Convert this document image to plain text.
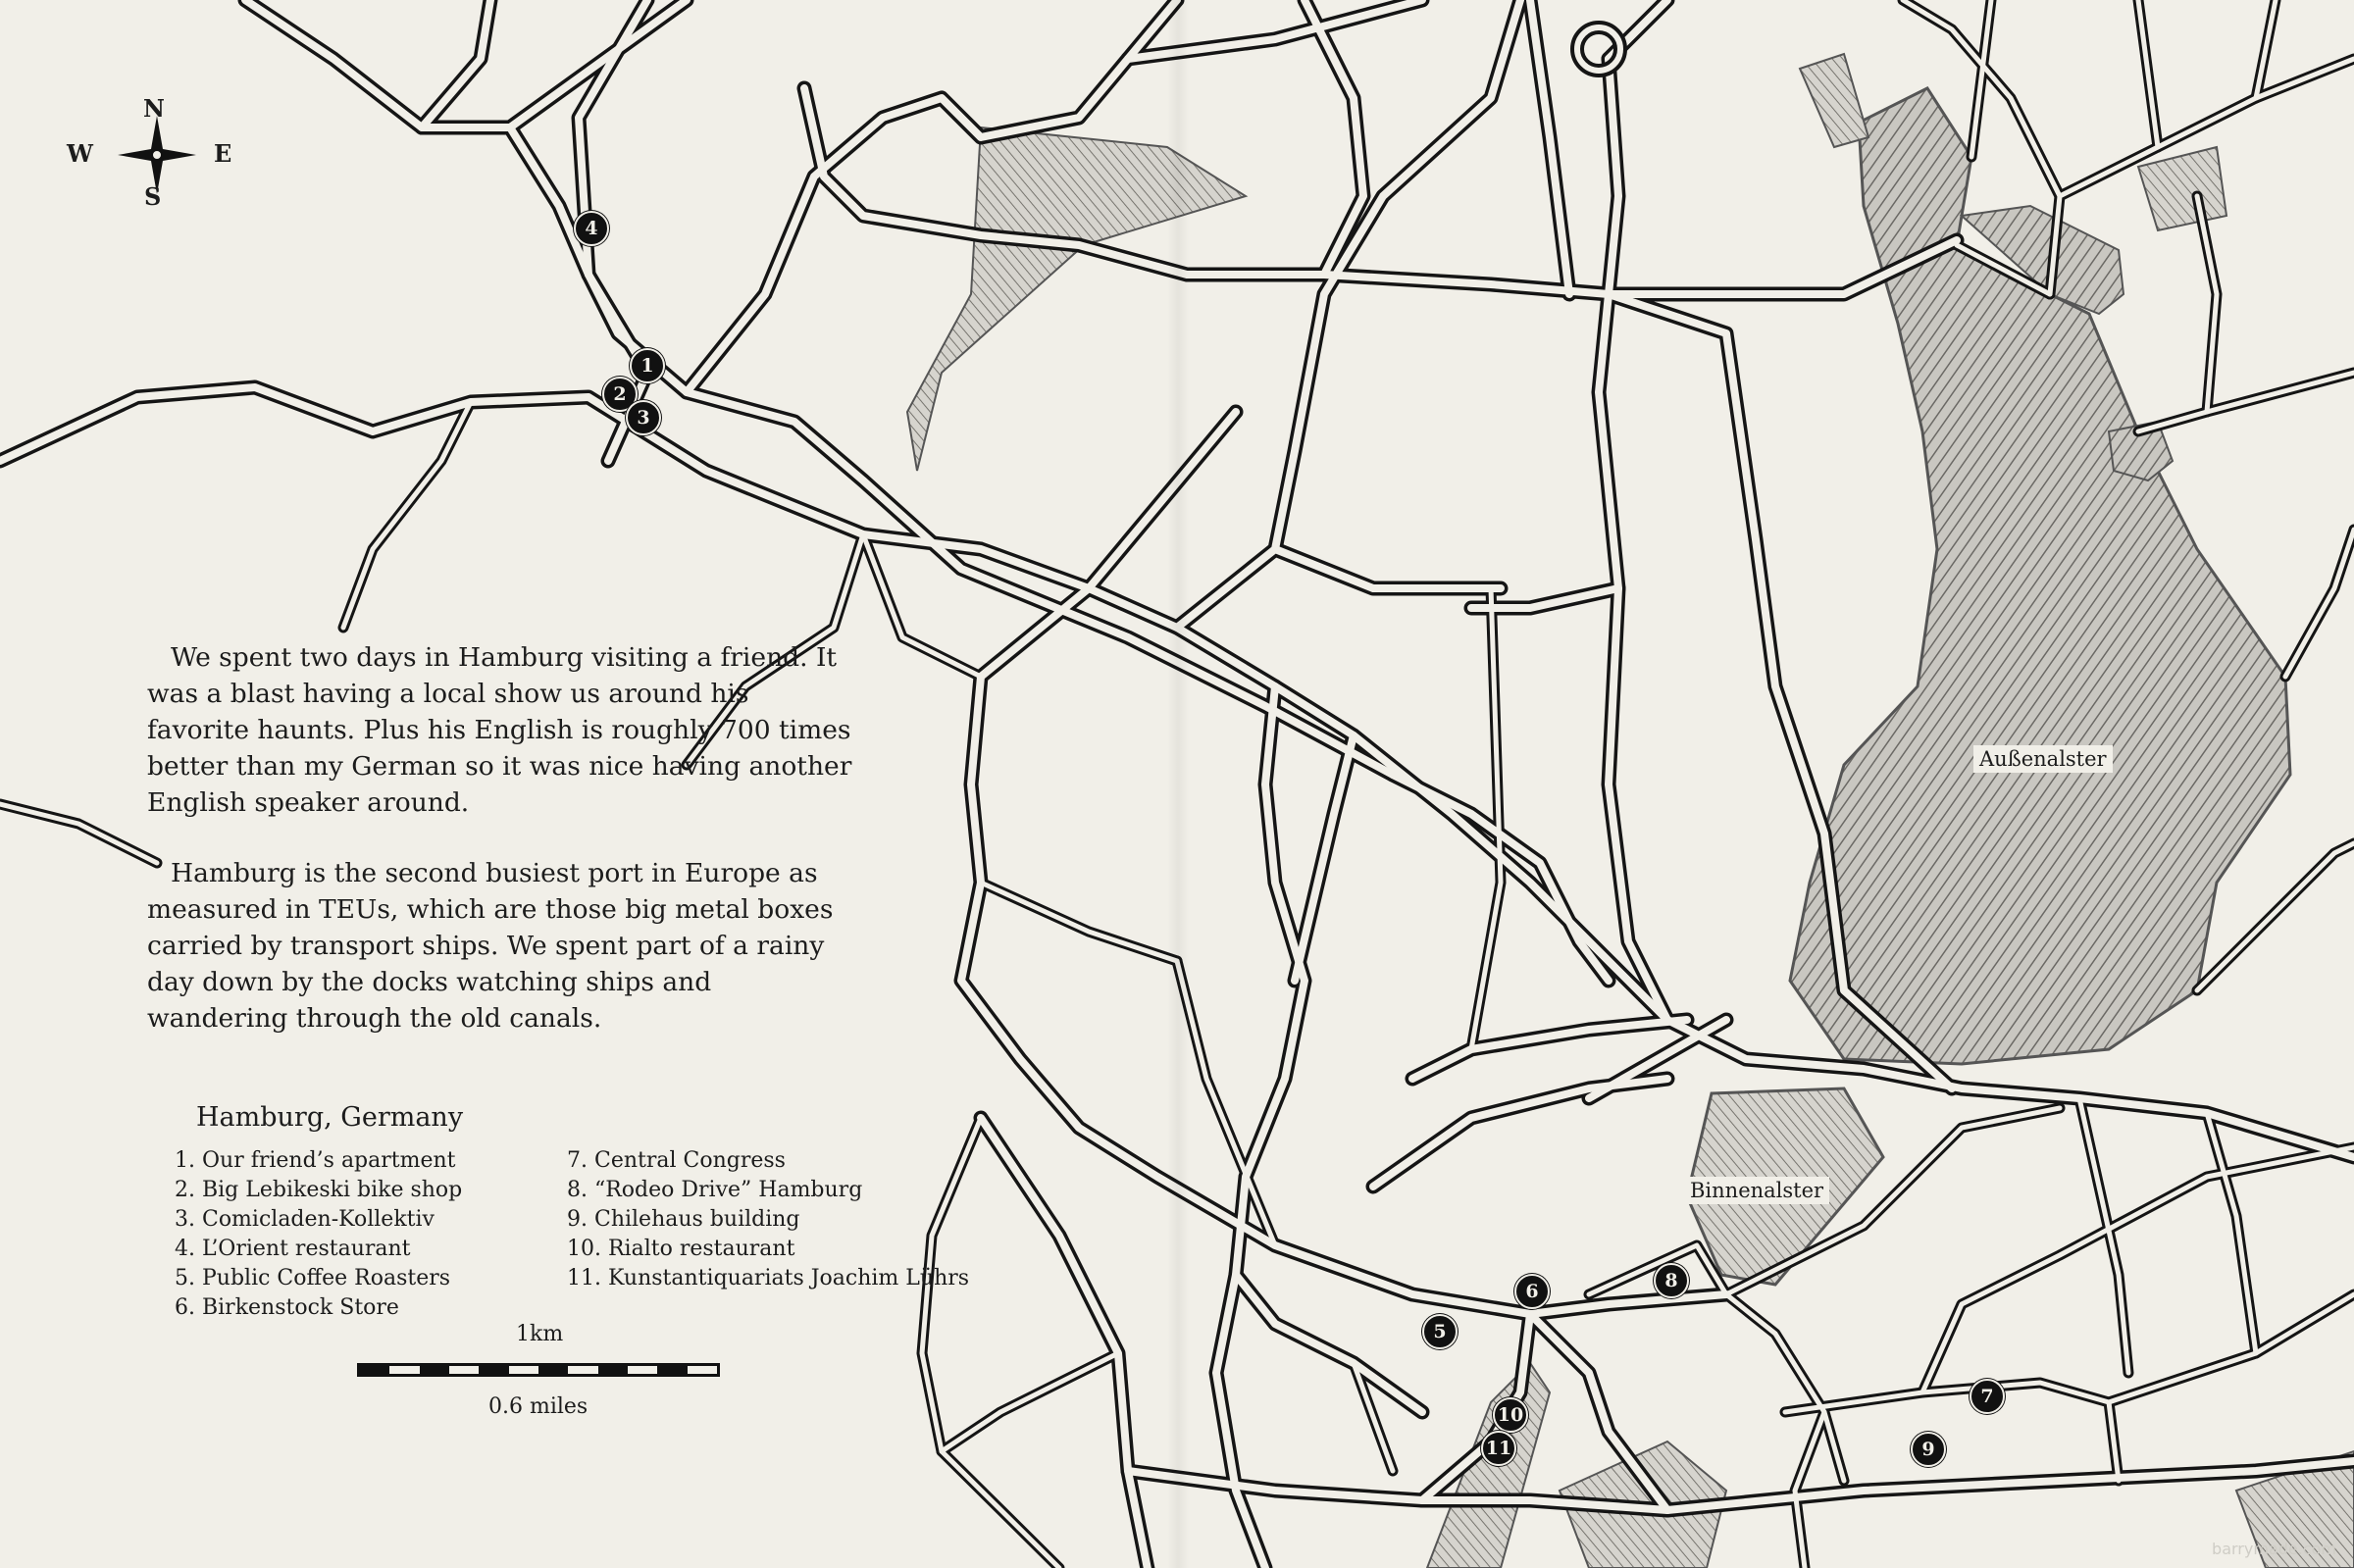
N
S
W	E

We spent two days in Hamburg visiting a friend. It was a blast having a local show us around his favorite haunts. Plus his English is roughly 700 times better than my German so it was nice having another English speaker around.

Hamburg is the second busiest port in Europe as measured in TEUs, which are those big metal boxes carried by transport ships. We spent part of a rainy day down by the docks watching ships and wandering through the old canals.

Hamburg, Germany
1. Our friend’s apartment
2. Big Lebikeski bike shop
3. Comicladen-Kollektiv
4. L’Orient restaurant
5. Public Coffee Roasters
6. Birkenstock Store
7. Central Congress
8. “Rodeo Drive” Hamburg
9. Chilehaus building
10. Rialto restaurant
11. Kunstantiquariats Joachim Lührs
1km
0.6 miles
Außenalster
Binnenalster
1
2
3
4
5
6
7
8
9
10
11
barrymade.com
